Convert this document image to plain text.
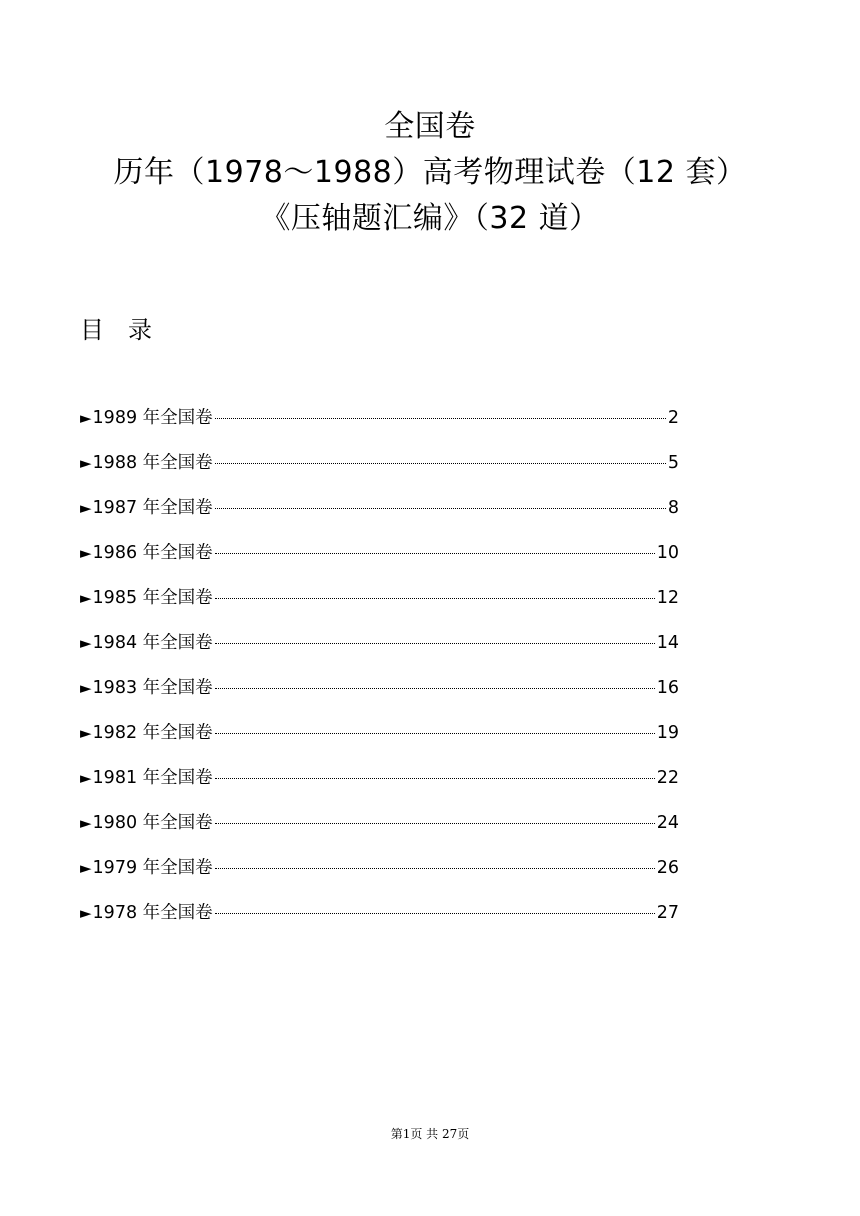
全国卷
历年（1978～1988）高考物理试卷（12 套）
《压轴题汇编》（32 道）
目录
► 1989 年全国卷	2
► 1988 年全国卷	5
► 1987 年全国卷	8
► 1986 年全国卷	10
► 1985 年全国卷	12
► 1984 年全国卷	14
► 1983 年全国卷	16
► 1982 年全国卷	19
► 1981 年全国卷	22
► 1980 年全国卷	24
► 1979 年全国卷	26
► 1978 年全国卷	27
第1页 共 27页
